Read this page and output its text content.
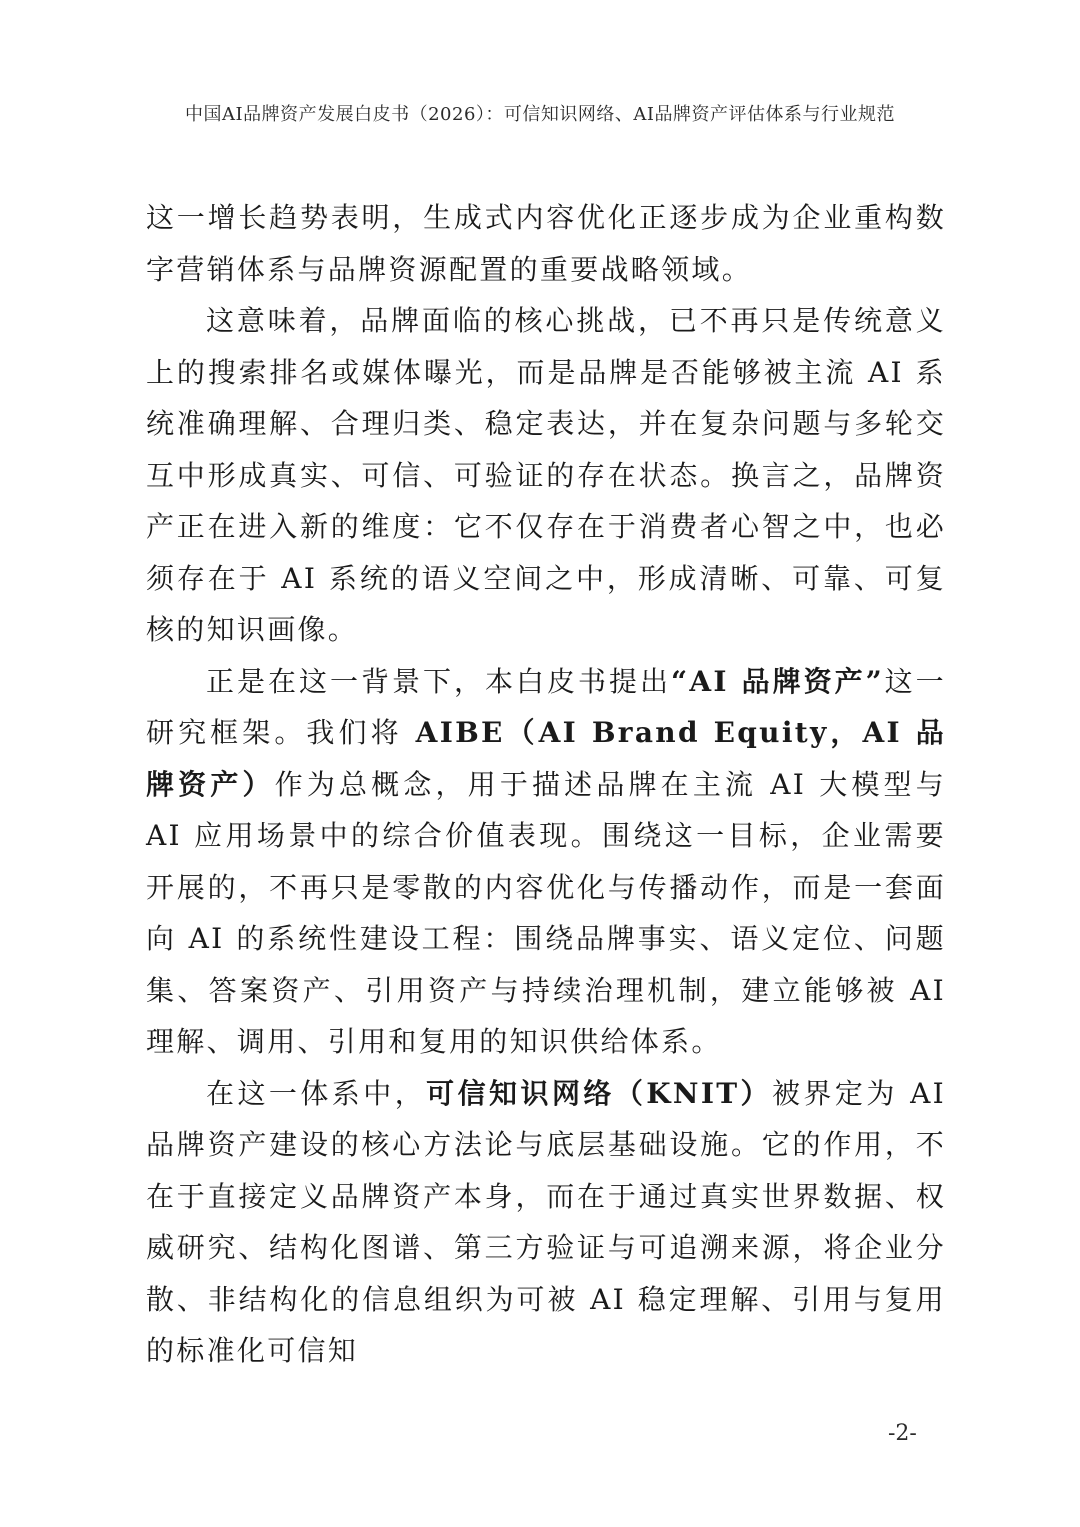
中国AI品牌资产发展白皮书（2026）：可信知识网络、AI品牌资产评估体系与行业规范

这一增长趋势表明，生成式内容优化正逐步成为企业重构数字营销体系与品牌资源配置的重要战略领域。

这意味着，品牌面临的核心挑战，已不再只是传统意义上的搜索排名或媒体曝光，而是品牌是否能够被主流 AI 系统准确理解、合理归类、稳定表达，并在复杂问题与多轮交互中形成真实、可信、可验证的存在状态。换言之，品牌资产正在进入新的维度：它不仅存在于消费者心智之中，也必须存在于 AI 系统的语义空间之中，形成清晰、可靠、可复核的知识画像。

正是在这一背景下，本白皮书提出“AI 品牌资产”这一研究框架。我们将 AIBE（AI Brand Equity，AI 品牌资产）作为总概念，用于描述品牌在主流 AI 大模型与 AI 应用场景中的综合价值表现。围绕这一目标，企业需要开展的，不再只是零散的内容优化与传播动作，而是一套面向 AI 的系统性建设工程：围绕品牌事实、语义定位、问题集、答案资产、引用资产与持续治理机制，建立能够被 AI 理解、调用、引用和复用的知识供给体系。

在这一体系中，可信知识网络（KNIT）被界定为 AI 品牌资产建设的核心方法论与底层基础设施。它的作用，不在于直接定义品牌资产本身，而在于通过真实世界数据、权威研究、结构化图谱、第三方验证与可追溯来源，将企业分散、非结构化的信息组织为可被 AI 稳定理解、引用与复用的标准化可信知

-2-
